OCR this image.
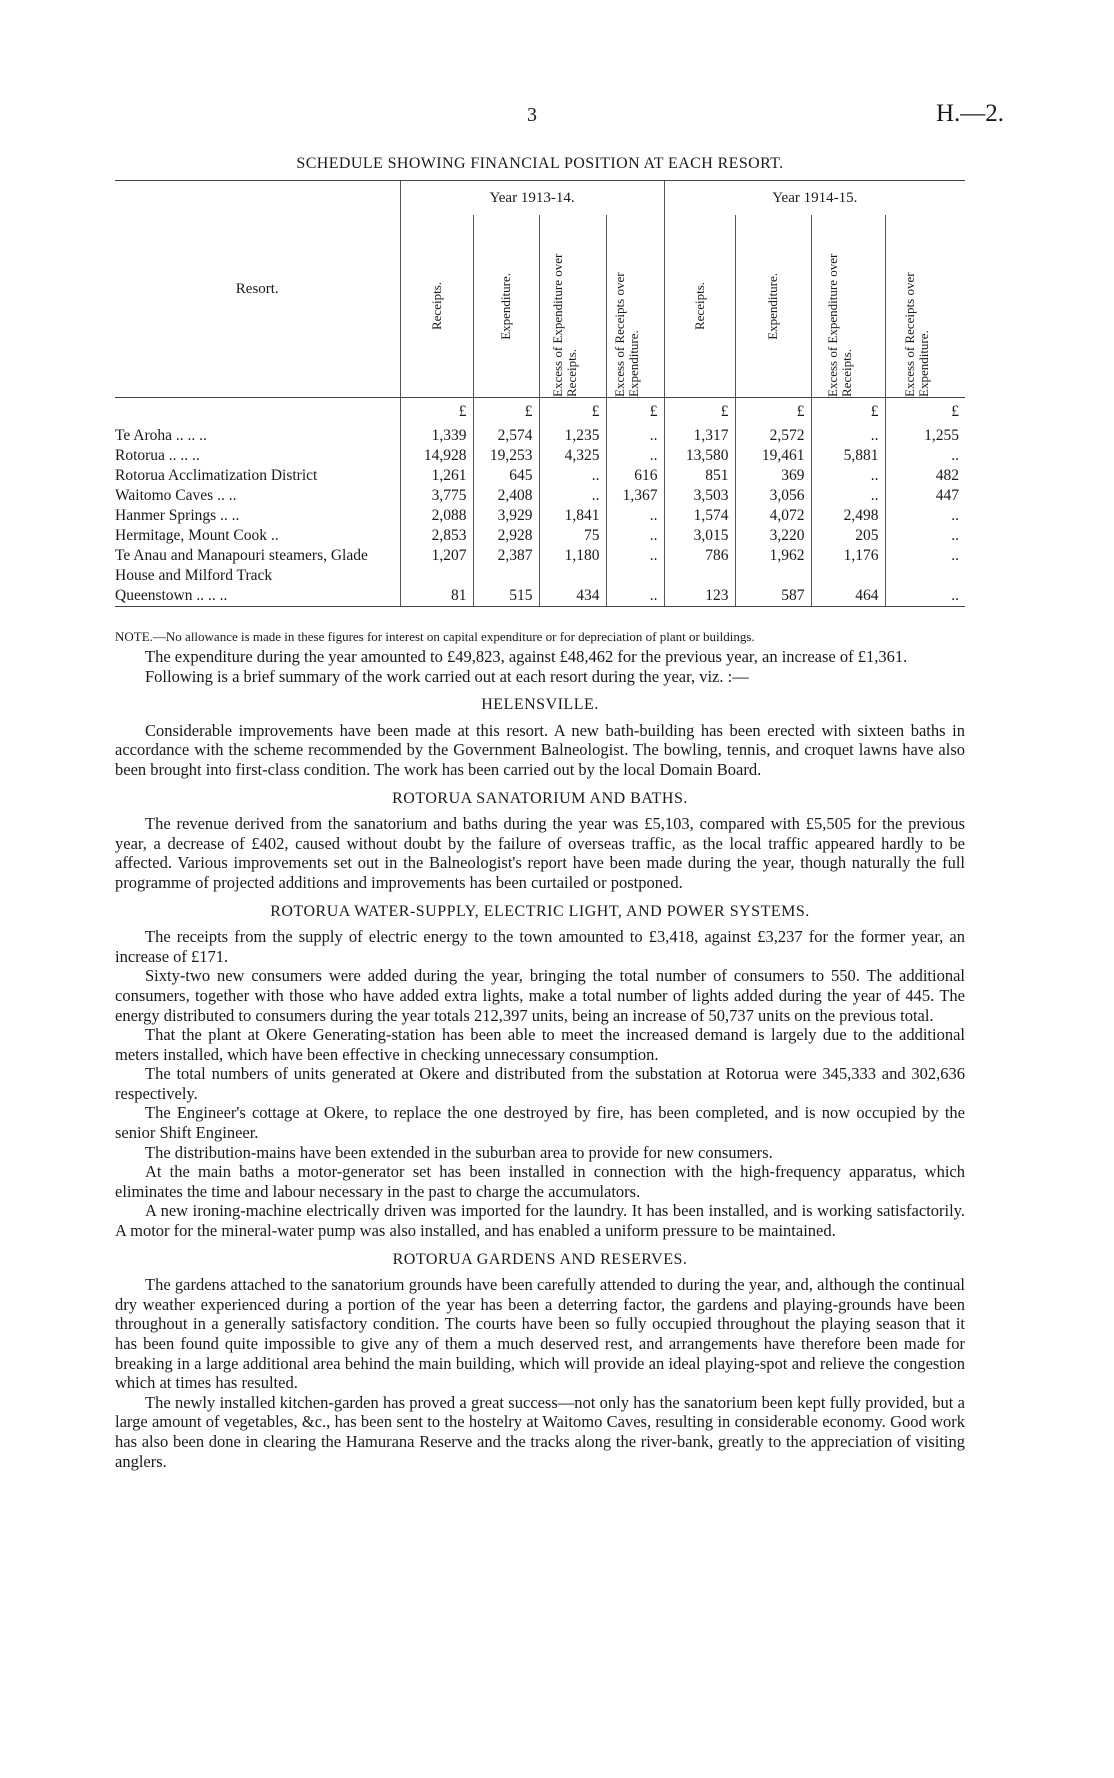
3	H.—2.
SCHEDULE SHOWING FINANCIAL POSITION AT EACH RESORT.
Resort.	Year 1913-14.				Year 1914-15.			

	Receipts.	Expenditure.	Excess of Expenditure over Receipts.	Excess of Receipts over Expenditure.	Receipts.	Expenditure.	Excess of Expenditure over Receipts.	Excess of Receipts over Expenditure.

	£	£	£	£	£	£	£	£
Te Aroha .. .. ..	1,339	2,574	1,235	..	1,317	2,572	..	1,255
Rotorua .. .. ..	14,928	19,253	4,325	..	13,580	19,461	5,881	..
Rotorua Acclimatization District	1,261	645	..	616	851	369	..	482
Waitomo Caves .. ..	3,775	2,408	..	1,367	3,503	3,056	..	447
Hanmer Springs .. ..	2,088	3,929	1,841	..	1,574	4,072	2,498	..
Hermitage, Mount Cook ..	2,853	2,928	75	..	3,015	3,220	205	..
Te Anau and Manapouri steamers, Glade House and Milford Track	1,207	2,387	1,180	..	786	1,962	1,176	..
Queenstown .. .. ..	81	515	434	..	123	587	464	..

NOTE.—No allowance is made in these figures for interest on capital expenditure or for depreciation of plant or buildings.

The expenditure during the year amounted to £49,823, against £48,462 for the previous year, an increase of £1,361.

Following is a brief summary of the work carried out at each resort during the year, viz. :—

HELENSVILLE.

Considerable improvements have been made at this resort. A new bath-building has been erected with sixteen baths in accordance with the scheme recommended by the Government Balneologist. The bowling, tennis, and croquet lawns have also been brought into first-class condition. The work has been carried out by the local Domain Board.

ROTORUA SANATORIUM AND BATHS.

The revenue derived from the sanatorium and baths during the year was £5,103, compared with £5,505 for the previous year, a decrease of £402, caused without doubt by the failure of overseas traffic, as the local traffic appeared hardly to be affected. Various improvements set out in the Balneologist's report have been made during the year, though naturally the full programme of projected additions and improvements has been curtailed or postponed.

ROTORUA WATER-SUPPLY, ELECTRIC LIGHT, AND POWER SYSTEMS.

The receipts from the supply of electric energy to the town amounted to £3,418, against £3,237 for the former year, an increase of £171.

Sixty-two new consumers were added during the year, bringing the total number of consumers to 550. The additional consumers, together with those who have added extra lights, make a total number of lights added during the year of 445. The energy distributed to consumers during the year totals 212,397 units, being an increase of 50,737 units on the previous total.

That the plant at Okere Generating-station has been able to meet the increased demand is largely due to the additional meters installed, which have been effective in checking unnecessary consumption.

The total numbers of units generated at Okere and distributed from the substation at Rotorua were 345,333 and 302,636 respectively.

The Engineer's cottage at Okere, to replace the one destroyed by fire, has been completed, and is now occupied by the senior Shift Engineer.

The distribution-mains have been extended in the suburban area to provide for new consumers.

At the main baths a motor-generator set has been installed in connection with the high-frequency apparatus, which eliminates the time and labour necessary in the past to charge the accumulators.

A new ironing-machine electrically driven was imported for the laundry. It has been installed, and is working satisfactorily. A motor for the mineral-water pump was also installed, and has enabled a uniform pressure to be maintained.

ROTORUA GARDENS AND RESERVES.

The gardens attached to the sanatorium grounds have been carefully attended to during the year, and, although the continual dry weather experienced during a portion of the year has been a deterring factor, the gardens and playing-grounds have been throughout in a generally satisfactory condition. The courts have been so fully occupied throughout the playing season that it has been found quite impossible to give any of them a much deserved rest, and arrangements have therefore been made for breaking in a large additional area behind the main building, which will provide an ideal playing-spot and relieve the congestion which at times has resulted.

The newly installed kitchen-garden has proved a great success—not only has the sanatorium been kept fully provided, but a large amount of vegetables, &c., has been sent to the hostelry at Waitomo Caves, resulting in considerable economy. Good work has also been done in clearing the Hamurana Reserve and the tracks along the river-bank, greatly to the appreciation of visiting anglers.
